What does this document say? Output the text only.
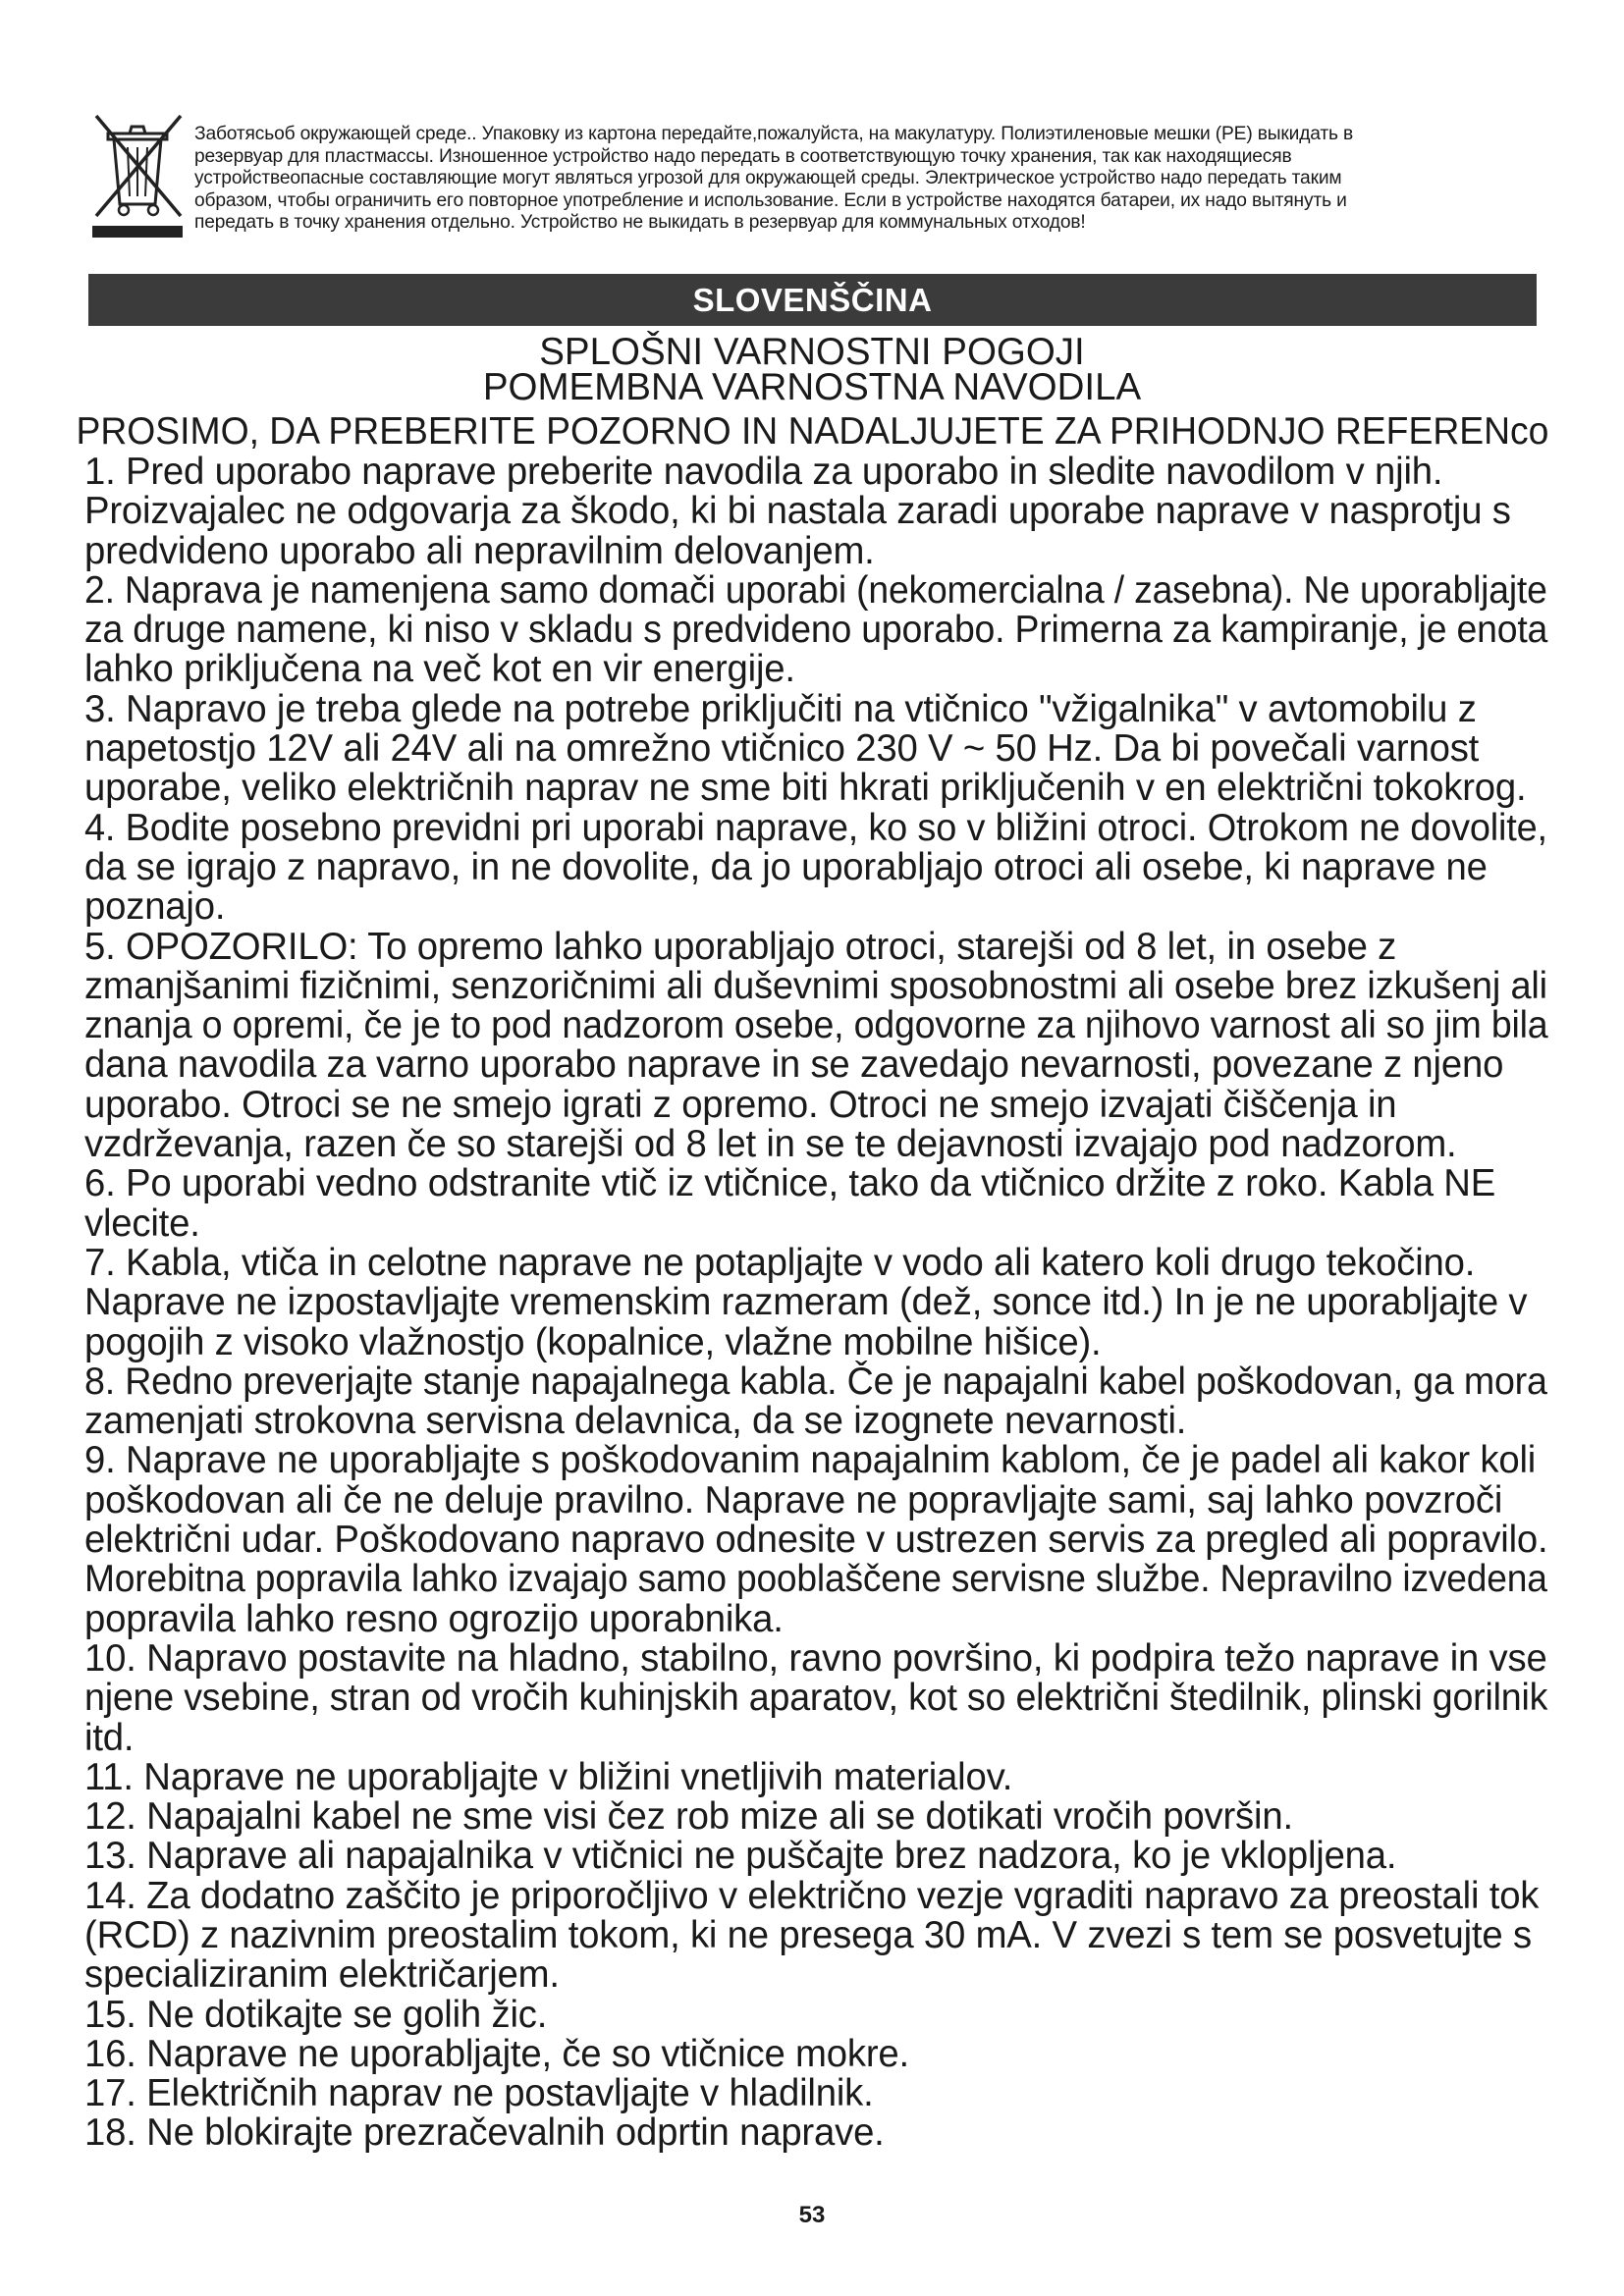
Заботясьоб окружающей среде.. Упаковку из картона передайте,пожалуйста, на макулатуру. Полиэтиленовые мешки (PE) выкидать в
резервуар для пластмассы. Изношенное устройство надо передать в соответствующую точку хранения, так как находящиесяв
устройствеопасные составляющие могут являться угрозой для окружающей среды. Электрическое устройство надо передать таким
образом, чтобы ограничить его повторное употребление и использование. Если в устройстве находятся батареи, их надо вытянуть и
передать в точку хранения отдельно. Устройство не выкидать в резервуар для коммунальных отходов!
SLOVENŠČINA
SPLOŠNI VARNOSTNI POGOJI
POMEMBNA VARNOSTNA NAVODILA
PROSIMO, DA PREBERITE POZORNO IN NADALJUJETE ZA PRIHODNJO REFERENco
1. Pred uporabo naprave preberite navodila za uporabo in sledite navodilom v njih.
Proizvajalec ne odgovarja za škodo, ki bi nastala zaradi uporabe naprave v nasprotju s
predvideno uporabo ali nepravilnim delovanjem.
2. Naprava je namenjena samo domači uporabi (nekomercialna / zasebna). Ne uporabljajte
za druge namene, ki niso v skladu s predvideno uporabo. Primerna za kampiranje, je enota
lahko priključena na več kot en vir energije.
3. Napravo je treba glede na potrebe priključiti na vtičnico "vžigalnika" v avtomobilu z
napetostjo 12V ali 24V ali na omrežno vtičnico 230 V ~ 50 Hz. Da bi povečali varnost
uporabe, veliko električnih naprav ne sme biti hkrati priključenih v en električni tokokrog.
4. Bodite posebno previdni pri uporabi naprave, ko so v bližini otroci. Otrokom ne dovolite,
da se igrajo z napravo, in ne dovolite, da jo uporabljajo otroci ali osebe, ki naprave ne
poznajo.
5. OPOZORILO: To opremo lahko uporabljajo otroci, starejši od 8 let, in osebe z
zmanjšanimi fizičnimi, senzoričnimi ali duševnimi sposobnostmi ali osebe brez izkušenj ali
znanja o opremi, če je to pod nadzorom osebe, odgovorne za njihovo varnost ali so jim bila
dana navodila za varno uporabo naprave in se zavedajo nevarnosti, povezane z njeno
uporabo. Otroci se ne smejo igrati z opremo. Otroci ne smejo izvajati čiščenja in
vzdrževanja, razen če so starejši od 8 let in se te dejavnosti izvajajo pod nadzorom.
6. Po uporabi vedno odstranite vtič iz vtičnice, tako da vtičnico držite z roko. Kabla NE
vlecite.
7. Kabla, vtiča in celotne naprave ne potapljajte v vodo ali katero koli drugo tekočino.
Naprave ne izpostavljajte vremenskim razmeram (dež, sonce itd.) In je ne uporabljajte v
pogojih z visoko vlažnostjo (kopalnice, vlažne mobilne hišice).
8. Redno preverjajte stanje napajalnega kabla. Če je napajalni kabel poškodovan, ga mora
zamenjati strokovna servisna delavnica, da se izognete nevarnosti.
9. Naprave ne uporabljajte s poškodovanim napajalnim kablom, če je padel ali kakor koli
poškodovan ali če ne deluje pravilno. Naprave ne popravljajte sami, saj lahko povzroči
električni udar. Poškodovano napravo odnesite v ustrezen servis za pregled ali popravilo.
Morebitna popravila lahko izvajajo samo pooblaščene servisne službe. Nepravilno izvedena
popravila lahko resno ogrozijo uporabnika.
10. Napravo postavite na hladno, stabilno, ravno površino, ki podpira težo naprave in vse
njene vsebine, stran od vročih kuhinjskih aparatov, kot so električni štedilnik, plinski gorilnik
itd.
11. Naprave ne uporabljajte v bližini vnetljivih materialov.
12. Napajalni kabel ne sme visi čez rob mize ali se dotikati vročih površin.
13. Naprave ali napajalnika v vtičnici ne puščajte brez nadzora, ko je vklopljena.
14. Za dodatno zaščito je priporočljivo v električno vezje vgraditi napravo za preostali tok
(RCD) z nazivnim preostalim tokom, ki ne presega 30 mA. V zvezi s tem se posvetujte s
specializiranim električarjem.
15. Ne dotikajte se golih žic.
16. Naprave ne uporabljajte, če so vtičnice mokre.
17. Električnih naprav ne postavljajte v hladilnik.
18. Ne blokirajte prezračevalnih odprtin naprave.
53
